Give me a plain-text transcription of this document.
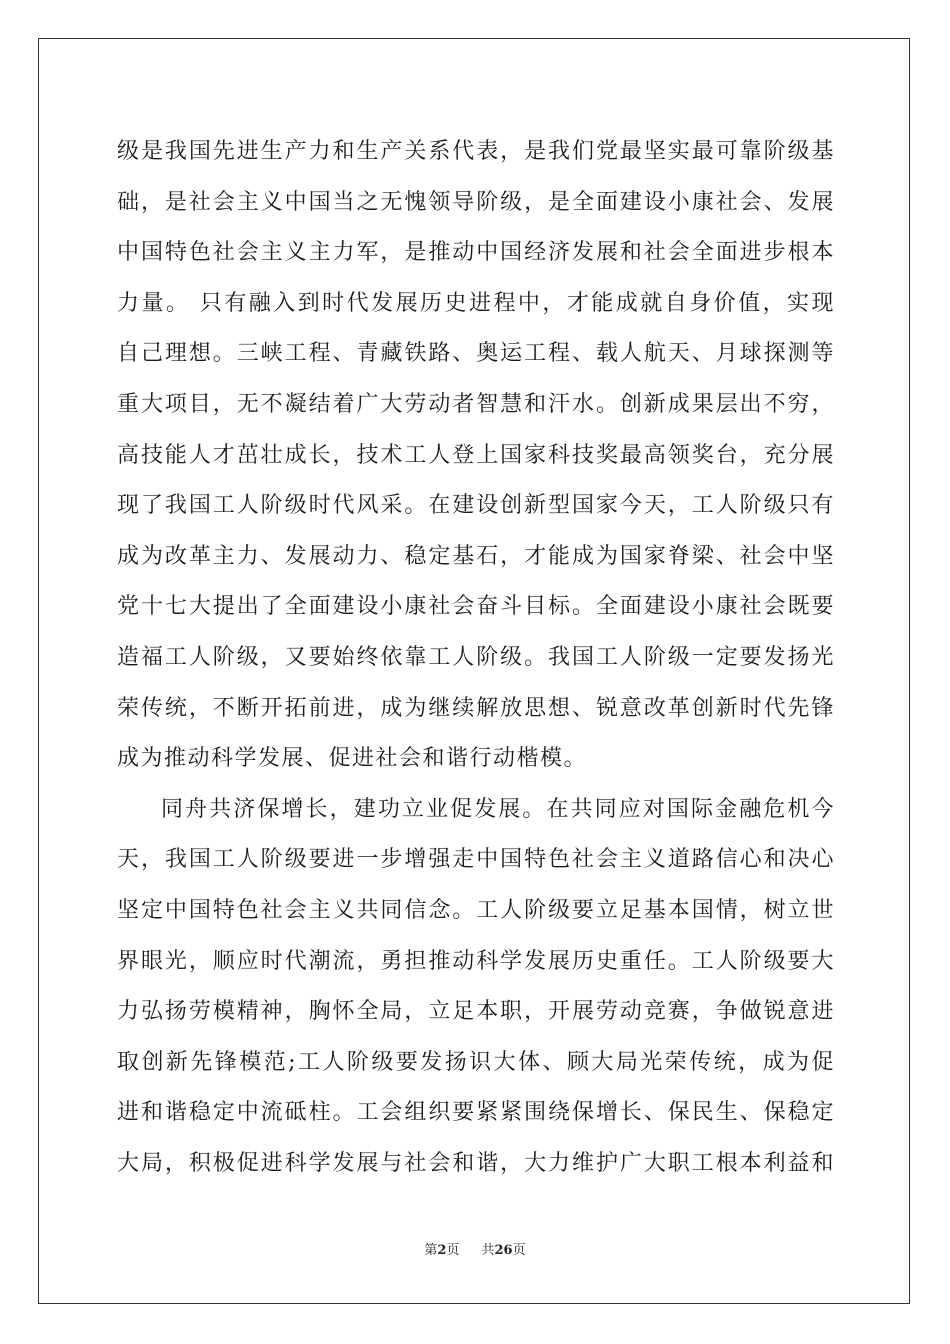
级是我国先进生产力和生产关系代表，是我们党最坚实最可靠阶级基
础，是社会主义中国当之无愧领导阶级，是全面建设小康社会、发展
中国特色社会主义主力军，是推动中国经济发展和社会全面进步根本
力量。 只有融入到时代发展历史进程中，才能成就自身价值，实现
自己理想。三峡工程、青藏铁路、奥运工程、载人航天、月球探测等
重大项目，无不凝结着广大劳动者智慧和汗水。创新成果层出不穷，
高技能人才茁壮成长，技术工人登上国家科技奖最高领奖台，充分展
现了我国工人阶级时代风采。在建设创新型国家今天，工人阶级只有
成为改革主力、发展动力、稳定基石，才能成为国家脊梁、社会中坚
党十七大提出了全面建设小康社会奋斗目标。全面建设小康社会既要
造福工人阶级，又要始终依靠工人阶级。我国工人阶级一定要发扬光
荣传统，不断开拓前进，成为继续解放思想、锐意改革创新时代先锋
成为推动科学发展、促进社会和谐行动楷模。
同舟共济保增长，建功立业促发展。在共同应对国际金融危机今
天，我国工人阶级要进一步增强走中国特色社会主义道路信心和决心
坚定中国特色社会主义共同信念。工人阶级要立足基本国情，树立世
界眼光，顺应时代潮流，勇担推动科学发展历史重任。工人阶级要大
力弘扬劳模精神，胸怀全局，立足本职，开展劳动竞赛，争做锐意进
取创新先锋模范;工人阶级要发扬识大体、顾大局光荣传统，成为促
进和谐稳定中流砥柱。工会组织要紧紧围绕保增长、保民生、保稳定
大局，积极促进科学发展与社会和谐，大力维护广大职工根本利益和
第2页 共26页
